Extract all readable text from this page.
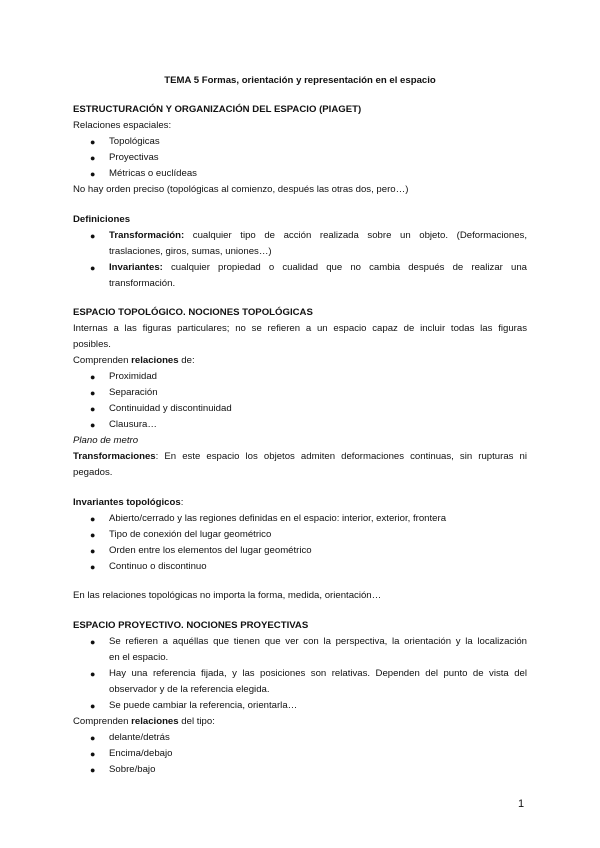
TEMA 5 Formas, orientación y representación en el espacio
ESTRUCTURACIÓN Y ORGANIZACIÓN DEL ESPACIO (PIAGET)
Relaciones espaciales:
● Topológicas
● Proyectivas
● Métricas o euclídeas
No hay orden preciso (topológicas al comienzo, después las otras dos, pero…)
Definiciones
● Transformación: cualquier tipo de acción realizada sobre un objeto. (Deformaciones,
traslaciones, giros, sumas, uniones…)
● Invariantes: cualquier propiedad o cualidad que no cambia después de realizar una
transformación.
ESPACIO TOPOLÓGICO. NOCIONES TOPOLÓGICAS
Internas a las figuras particulares; no se refieren a un espacio capaz de incluir todas las figuras
posibles.
Comprenden relaciones de:
● Proximidad
● Separación
● Continuidad y discontinuidad
● Clausura…
Plano de metro
Transformaciones: En este espacio los objetos admiten deformaciones continuas, sin rupturas ni
pegados.
Invariantes topológicos:
● Abierto/cerrado y las regiones definidas en el espacio: interior, exterior, frontera
● Tipo de conexión del lugar geométrico
● Orden entre los elementos del lugar geométrico
● Continuo o discontinuo
En las relaciones topológicas no importa la forma, medida, orientación…
ESPACIO PROYECTIVO. NOCIONES PROYECTIVAS
● Se refieren a aquéllas que tienen que ver con la perspectiva, la orientación y la localización
en el espacio.
● Hay una referencia fijada, y las posiciones son relativas. Dependen del punto de vista del
observador y de la referencia elegida.
● Se puede cambiar la referencia, orientarla…
Comprenden relaciones del tipo:
● delante/detrás
● Encima/debajo
● Sobre/bajo
1
